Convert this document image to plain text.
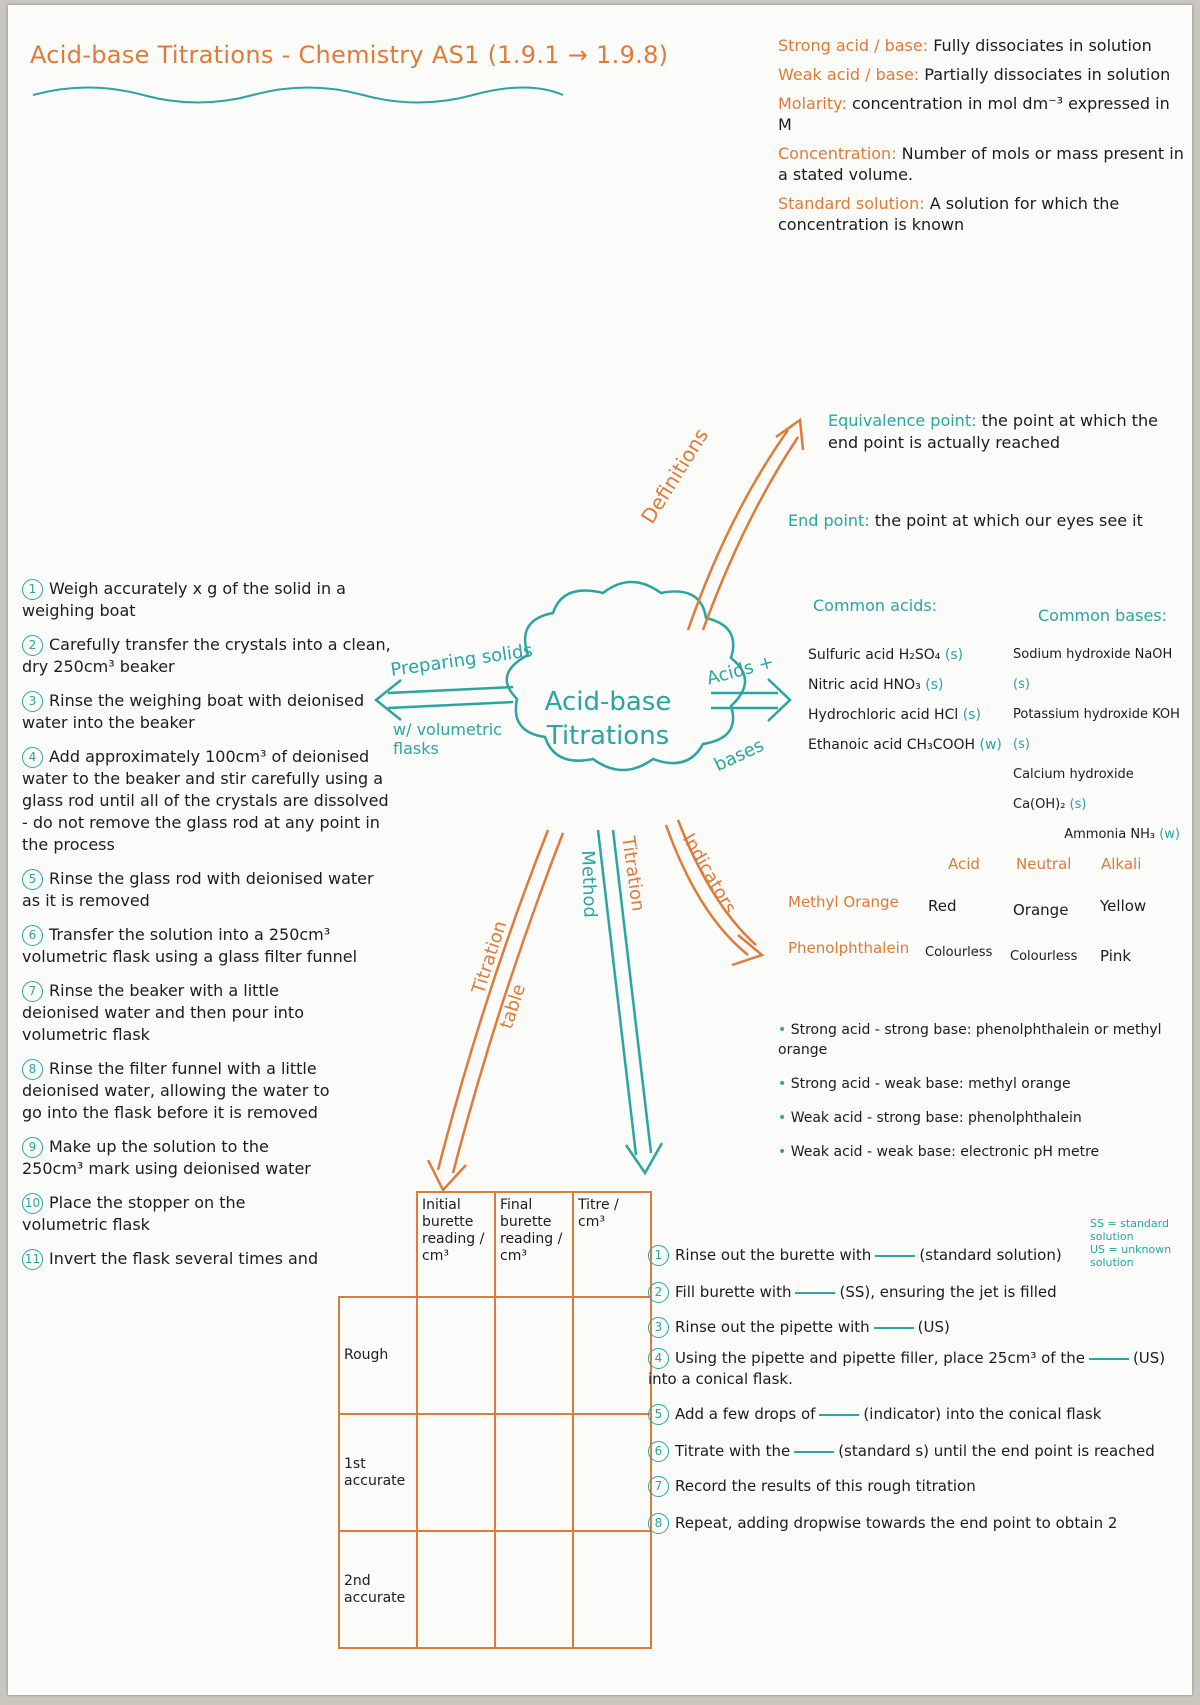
Acid-base Titrations - Chemistry AS1 (1.9.1 → 1.9.8)	Strong acid / base: Fully dissociates in solution
Weak acid / base: Partially dissociates in solution
Molarity: concentration in mol dm⁻³ expressed in M
Concentration: Number of mols or mass present in a stated volume.
Standard solution: A solution for which the concentration is known
Acid-base Titrations
Definitions
Preparing solids
w/ volumetric flasks
Acids +
bases
Indicators
Titration
Method
Titration
table
Equivalence point: the point at which the end point is actually reached
End point: the point at which our eyes see it
Common acids:
Common bases:
Sulfuric acid H₂SO₄ (s)
Nitric acid HNO₃ (s)
Hydrochloric acid HCl (s)
Ethanoic acid CH₃COOH (w)
Sodium hydroxide NaOH (s)
Potassium hydroxide KOH (s)
Calcium hydroxide Ca(OH)₂ (s)
Ammonia NH₃ (w)
Acid Neutral Alkali
Methyl Orange Red	Orange Yellow
Phenolphthalein Colourless Colourless Pink
• Strong acid - strong base: phenolphthalein or methyl orange
• Strong acid - weak base: methyl orange
• Weak acid - strong base: phenolphthalein
• Weak acid - weak base: electronic pH metre
SS = standard solution
US = unknown solution
1 Weigh accurately x g of the solid in a weighing boat
2 Carefully transfer the crystals into a clean, dry 250cm³ beaker
3 Rinse the weighing boat with deionised water into the beaker
4 Add approximately 100cm³ of deionised water to the beaker and stir carefully using a glass rod until all of the crystals are dissolved - do not remove the glass rod at any point in the process
5 Rinse the glass rod with deionised water as it is removed
6 Transfer the solution into a 250cm³ volumetric flask using a glass filter funnel
7 Rinse the beaker with a little deionised water and then pour into volumetric flask
8 Rinse the filter funnel with a little deionised water, allowing the water to go into the flask before it is removed
9 Make up the solution to the 250cm³ mark using deionised water
10 Place the stopper on the volumetric flask
11 Invert the flask several times and
	Initial burette reading / cm³	Final burette reading / cm³	Titre / cm³
Rough			
1st accurate			
2nd accurate			
1 Rinse out the burette with	(standard solution)
2 Fill burette with	(SS), ensuring the jet is filled
3 Rinse out the pipette with	(US)
4 Using the pipette and pipette filler, place 25cm³ of the	(US) into a conical flask.
5 Add a few drops of	(indicator) into the conical flask
6 Titrate with the	(standard s) until the end point is reached
7 Record the results of this rough titration
8 Repeat, adding dropwise towards the end point to obtain 2
